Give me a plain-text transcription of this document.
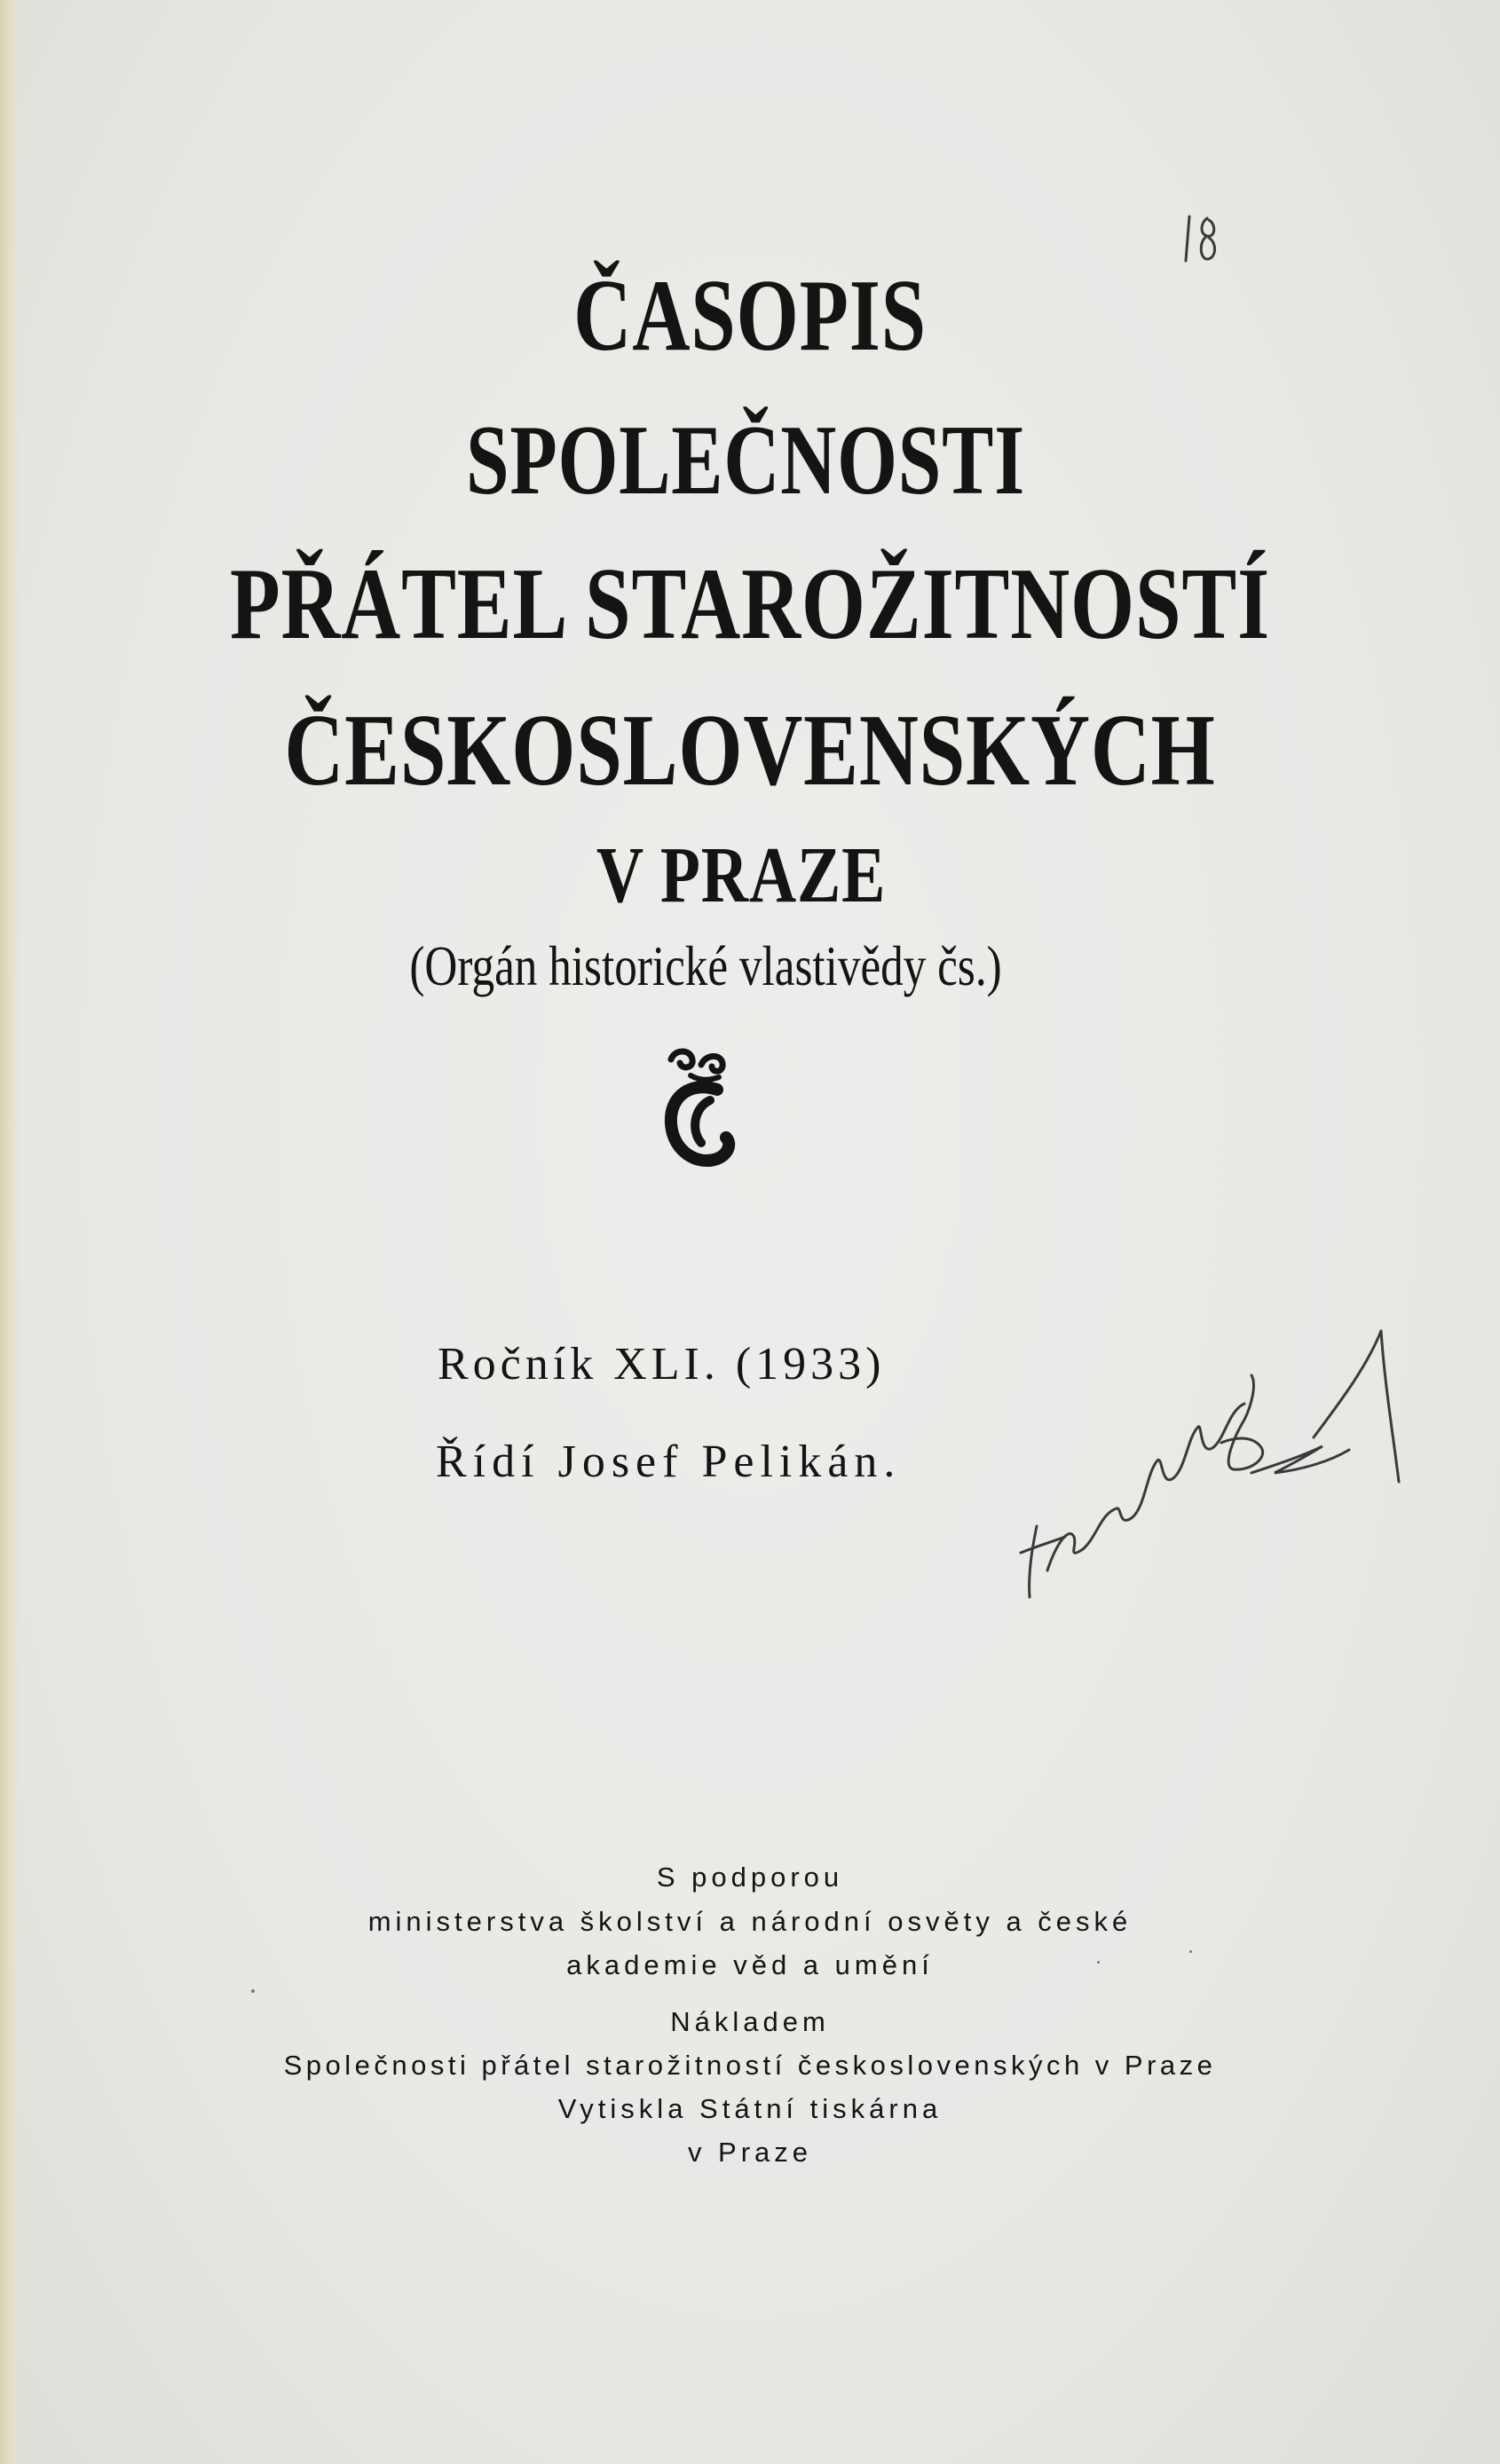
ČASOPIS
SPOLEČNOSTI
PŘÁTEL STAROŽITNOSTÍ
ČESKOSLOVENSKÝCH
V PRAZE
(Orgán historické vlastivědy čs.)
Ročník XLI. (1933)
Řídí Josef Pelikán.
S podporou
ministerstva školství a národní osvěty a české
akademie věd a umění
Nákladem
Společnosti přátel starožitností československých v Praze
Vytiskla Státní tiskárna
v Praze
